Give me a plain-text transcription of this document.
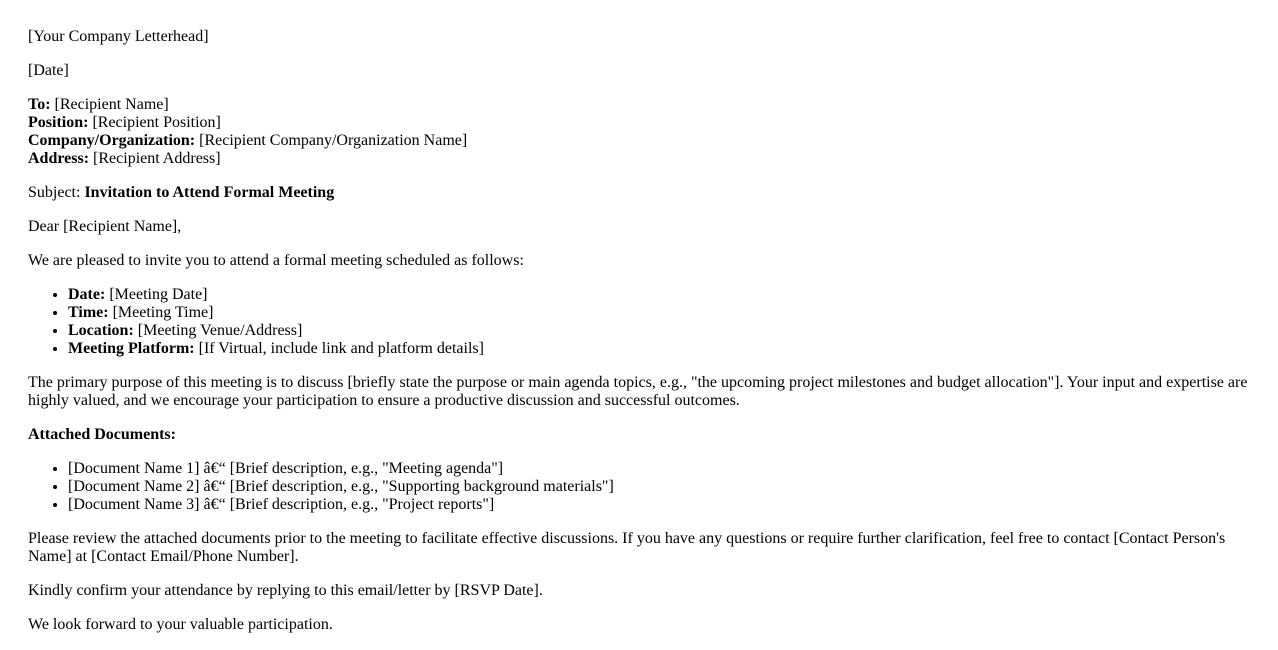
[Your Company Letterhead]

[Date]

To: [Recipient Name]
Position: [Recipient Position]
Company/Organization: [Recipient Company/Organization Name]
Address: [Recipient Address]

Subject: Invitation to Attend Formal Meeting

Dear [Recipient Name],

We are pleased to invite you to attend a formal meeting scheduled as follows:

• Date: [Meeting Date]
• Time: [Meeting Time]
• Location: [Meeting Venue/Address]
• Meeting Platform: [If Virtual, include link and platform details]

The primary purpose of this meeting is to discuss [briefly state the purpose or main agenda topics, e.g., "the upcoming project milestones and budget allocation"]. Your input and expertise are highly valued, and we encourage your participation to ensure a productive discussion and successful outcomes.

Attached Documents:

• [Document Name 1] â€“ [Brief description, e.g., "Meeting agenda"]
• [Document Name 2] â€“ [Brief description, e.g., "Supporting background materials"]
• [Document Name 3] â€“ [Brief description, e.g., "Project reports"]

Please review the attached documents prior to the meeting to facilitate effective discussions. If you have any questions or require further clarification, feel free to contact [Contact Person's Name] at [Contact Email/Phone Number].

Kindly confirm your attendance by replying to this email/letter by [RSVP Date].

We look forward to your valuable participation.
